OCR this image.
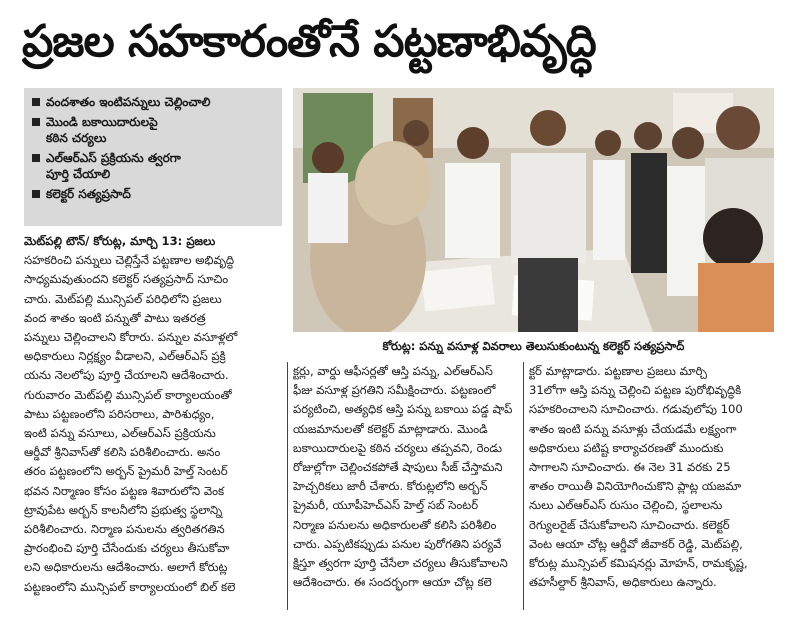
ప్రజల సహకారంతోనే పట్టణాభివృద్ధి
వందశాతం ఇంటిపన్నులు చెల్లించాలి
మొండి బకాయిదారులపై
కఠిన చర్యలు
ఎల్‌ఆర్‌ఎస్‌ ప్రక్రియను త్వరగా
పూర్తి చేయాలి
కలెక్టర్‌ సత్యప్రసాద్‌
కోరుట్ల: పన్ను వసూళ్ల వివరాలు తెలుసుకుంటున్న కలెక్టర్‌ సత్యప్రసాద్‌
మెట్‌పల్లి టౌన్‌/ కోరుట్ల, మార్చి 13: ప్రజలు
సహకరించి పన్నులు చెల్లిస్తేనే పట్టణాల అభివృద్ధి
సాధ్యమవుతుందని కలెక్టర్‌ సత్యప్రసాద్‌ సూచిం
చారు. మెట్‌పల్లి మున్సిపల్‌ పరిధిలోని ప్రజలు
వంద శాతం ఇంటి పన్నుతో పాటు ఇతరత్ర
పన్నులు చెల్లించాలని కోరారు. పన్నుల వసూళ్లలో
అధికారులు నిర్లక్ష్యం వీడాలని, ఎల్‌ఆర్‌ఎస్‌ ప్రక్రి
యను నెలలోపు పూర్తి చేయాలని ఆదేశించారు.
గురువారం మెట్‌పల్లి మున్సిపల్‌ కార్యాలయంతో
పాటు పట్టణంలోని పరిసరాలు, పారిశుధ్యం,
ఇంటి పన్ను వసూలు, ఎల్‌ఆర్‌ఎస్‌ ప్రక్రియను
ఆర్డీవో శ్రీనివాస్‌తో కలిసి పరిశీలించారు. అనం
తరం పట్టణంలోని అర్బన్‌ ప్రైమరీ హెల్త్‌ సెంటర్‌
భవన నిర్మాణం కోసం పట్టణ శివారులోని వెంక
ట్రావుపేట అర్బన్‌ కాలనీలోని ప్రభుత్వ స్థలాన్ని
పరిశీలించారు. నిర్మాణ పనులను త్వరితగతిన
ప్రారంభించి పూర్తి చేసేందుకు చర్యలు తీసుకోవా
లని అధికారులను ఆదేశించారు. అలాగే కోరుట్ల
పట్టణంలోని మున్సిపల్‌ కార్యాలయంలో బిల్‌ కలె
క్టర్లు, వార్డు ఆఫీసర్లతో ఆస్తి పన్ను, ఎల్‌ఆర్‌ఎస్‌
ఫీజు వసూళ్ల ప్రగతిని సమీక్షించారు. పట్టణంలో
పర్యటించి, అత్యధిక ఆస్తి పన్ను బకాయి పడ్డ షాప్‌
యజమానులతో కలెక్టర్‌ మాట్లాడారు. మొండి
బకాయిదారులపై కఠిన చర్యలు తప్పవని, రెండు
రోజుల్లోగా చెల్లించకపోతే షాపులు సీజ్‌ చేస్తామని
హెచ్చరికలు జారీ చేశారు. కోరుట్లలోని అర్బన్‌
ప్రైమరీ, యూపీహెచ్‌ఎస్‌ హెల్త్‌ సబ్‌ సెంటర్‌
నిర్మాణ పనులను అధికారులతో కలిసి పరిశీలిం
చారు. ఎప్పటికప్పుడు పనుల పురోగతిని పర్యవే
క్షిస్తూ త్వరగా పూర్తి చేసేలా చర్యలు తీసుకోవాలని
ఆదేశించారు. ఈ సందర్భంగా ఆయా చోట్ల కలె
క్టర్‌ మాట్లాడారు. పట్టణాల ప్రజలు మార్చి
31లోగా ఆస్తి పన్ను చెల్లించి పట్టణ పురోభివృద్ధికి
సహకరించాలని సూచించారు. గడువులోపు 100
శాతం ఇంటి పన్ను వసూళ్లు చేయడమే లక్ష్యంగా
అధికారులు పటిష్ట కార్యాచరణతో ముందుకు
సాగాలని సూచించారు. ఈ నెల 31 వరకు 25
శాతం రాయితీ వినియోగించుకొని ప్లాట్ల యజమా
నులు ఎల్‌ఆర్‌ఎస్‌ రుసుం చెల్లించి, స్థలాలను
రెగ్యులరైజ్‌ చేసుకోవాలని సూచించారు. కలెక్టర్‌
వెంట ఆయా చోట్ల ఆర్డీవో జీవాకర్‌ రెడ్డి, మెట్‌పల్లి,
కోరుట్ల మున్సిపల్‌ కమిషనర్లు మోహన్‌, రామకృష్ణ,
తహసీల్దార్‌ శ్రీనివాస్‌, అధికారులు ఉన్నారు.
